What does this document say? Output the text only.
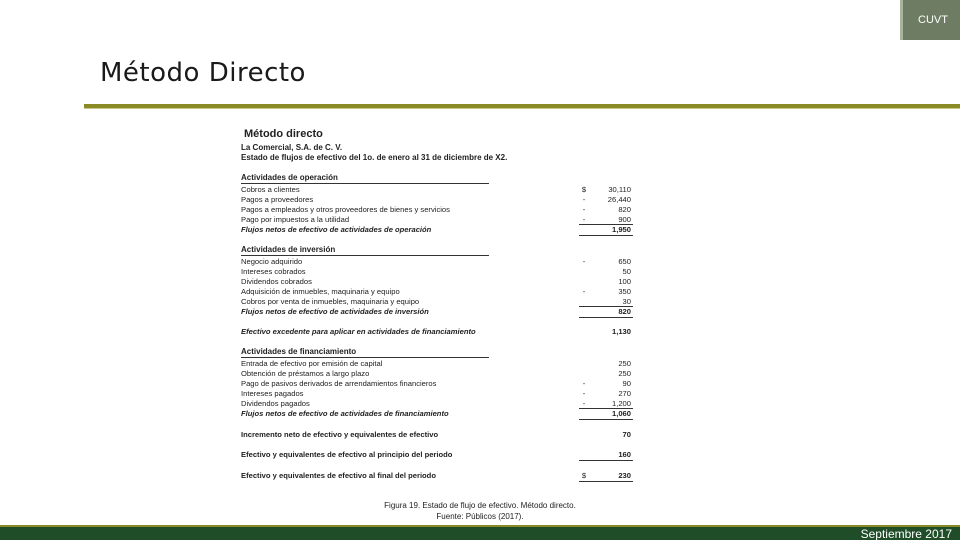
CUVT
Método Directo
Método directo
La Comercial, S.A. de C. V.
Estado de flujos de efectivo del 1o. de enero al 31 de diciembre de X2.
Actividades de operación
Cobros a clientes	$	30,110
Pagos a proveedores	-	26,440
Pagos a empleados y otros proveedores de bienes y servicios	-	820
Pago por impuestos a la utilidad	-	900
Flujos netos de efectivo de actividades de operación	1,950
Actividades de inversión
Negocio adquirido	-	650
Intereses cobrados	50
Dividendos cobrados	100
Adquisición de inmuebles, maquinaria y equipo	-	350
Cobros por venta de inmuebles, maquinaria y equipo	30
Flujos netos de efectivo de actividades de inversión	820
Efectivo excedente para aplicar en actividades de financiamiento	1,130
Actividades de financiamiento
Entrada de efectivo por emisión de capital	250
Obtención de préstamos a largo plazo	250
Pago de pasivos derivados de arrendamientos financieros	-	90
Intereses pagados	-	270
Dividendos pagados	-	1,200
Flujos netos de efectivo de actividades de financiamiento	1,060
Incremento neto de efectivo y equivalentes de efectivo	70
Efectivo y equivalentes de efectivo al principio del periodo	160
Efectivo y equivalentes de efectivo al final del periodo	$	230
Figura 19. Estado de flujo de efectivo. Método directo.
Fuente: Públicos (2017).
Septiembre 2017
